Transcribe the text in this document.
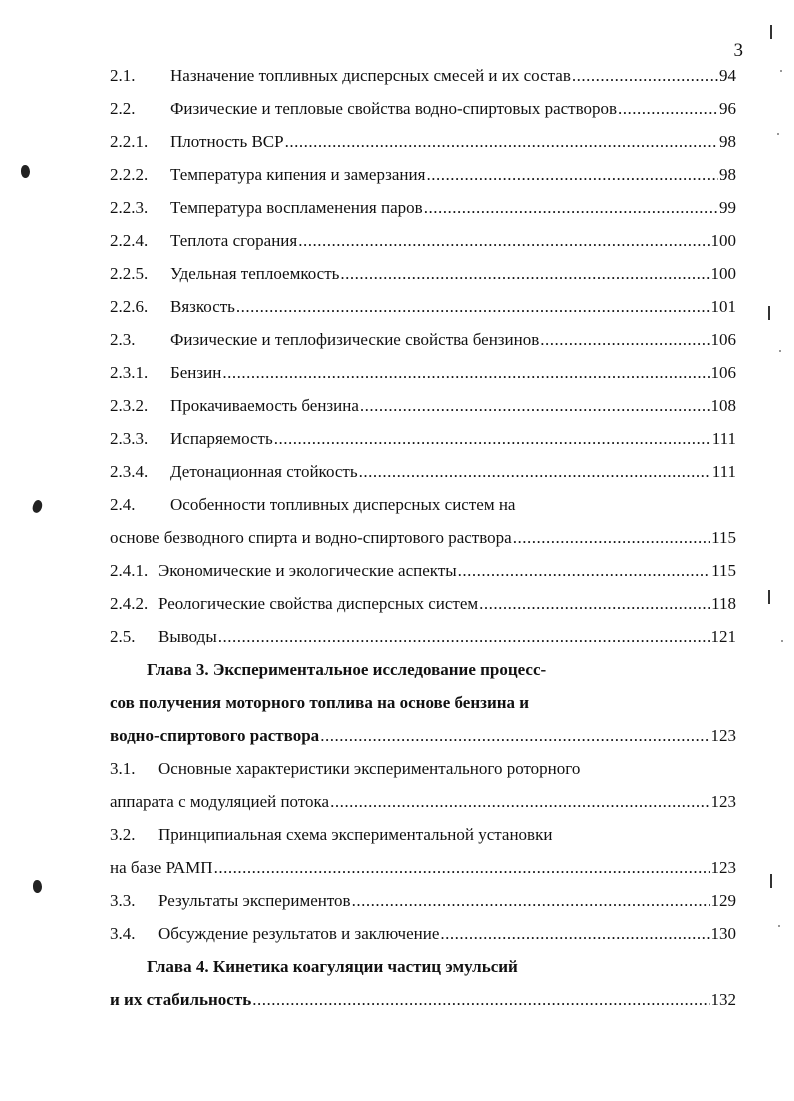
3
2.1.	Назначение топливных дисперсных смесей и их состав .....	94
2.2.	Физические и тепловые свойства водно-спиртовых растворов .....	96
2.2.1.	Плотность ВСР .....	98
2.2.2.	Температура кипения и замерзания .....	98
2.2.3.	Температура воспламенения паров .....	99
2.2.4.	Теплота сгорания .....	100
2.2.5.	Удельная теплоемкость .....	100
2.2.6.	Вязкость .....	101
2.3.	Физические и теплофизические свойства бензинов .....	106
2.3.1.	Бензин .....	106
2.3.2.	Прокачиваемость бензина .....	108
2.3.3.	Испаряемость .....	111
2.3.4.	Детонационная стойкость .....	111
2.4.	Особенности топливных дисперсных систем на
основе безводного спирта и водно-спиртового раствора .....	115
2.4.1. Экономические и экологические аспекты .....	115
2.4.2. Реологические свойства дисперсных систем .....	118
2.5.	Выводы .....	121
Глава 3. Экспериментальное исследование процесс-
сов получения моторного топлива на основе бензина и
водно-спиртового раствора .....	123
3.1.	Основные характеристики экспериментального роторного
аппарата с модуляцией потока .....	123
3.2.	Принципиальная схема экспериментальной установки
на базе РАМП .....	123
3.3.	Результаты экспериментов .....	129
3.4.	Обсуждение результатов и заключение .....	130
Глава 4. Кинетика коагуляции частиц эмульсий
и их стабильность .....	132
